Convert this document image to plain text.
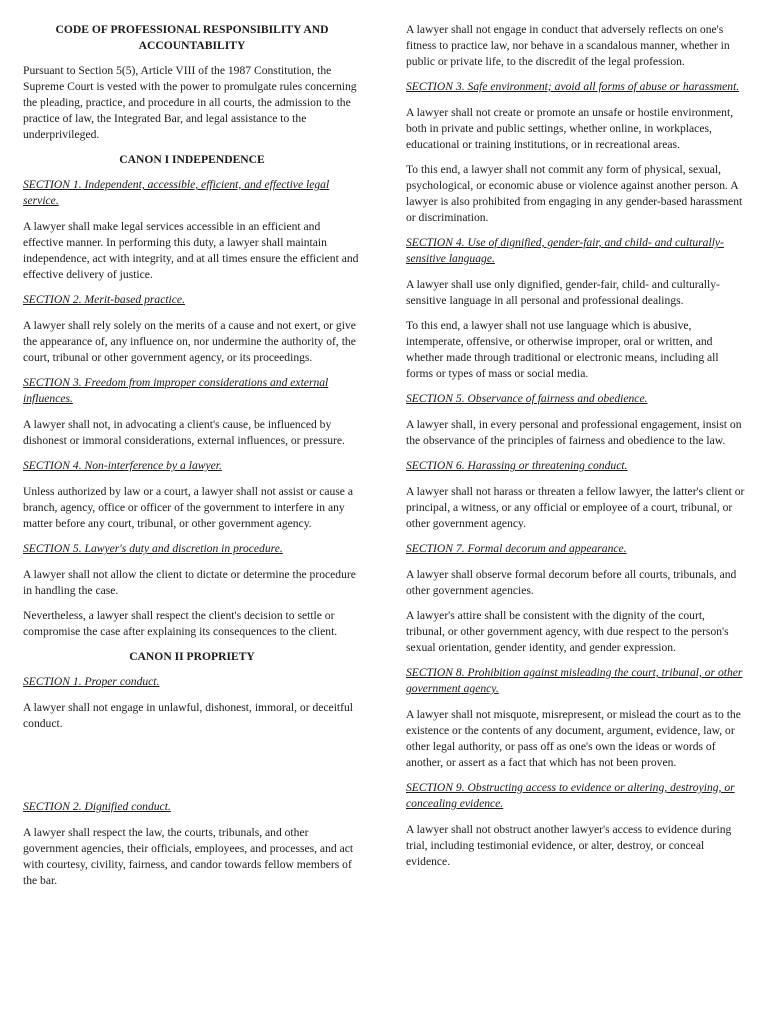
CODE OF PROFESSIONAL RESPONSIBILITY AND
ACCOUNTABILITY

Pursuant to Section 5(5), Article VIII of the 1987 Constitution, the Supreme Court is vested with the power to promulgate rules concerning the pleading, practice, and procedure in all courts, the admission to the practice of law, the Integrated Bar, and legal assistance to the underprivileged.

CANON I INDEPENDENCE

SECTION 1. Independent, accessible, efficient, and effective legal service.

A lawyer shall make legal services accessible in an efficient and effective manner. In performing this duty, a lawyer shall maintain independence, act with integrity, and at all times ensure the efficient and effective delivery of justice.

SECTION 2. Merit-based practice.

A lawyer shall rely solely on the merits of a cause and not exert, or give the appearance of, any influence on, nor undermine the authority of, the court, tribunal or other government agency, or its proceedings.

SECTION 3. Freedom from improper considerations and external influences.

A lawyer shall not, in advocating a client's cause, be influenced by dishonest or immoral considerations, external influences, or pressure.

SECTION 4. Non-interference by a lawyer.

Unless authorized by law or a court, a lawyer shall not assist or cause a branch, agency, office or officer of the government to interfere in any matter before any court, tribunal, or other government agency.

SECTION 5. Lawyer's duty and discretion in procedure.

A lawyer shall not allow the client to dictate or determine the procedure in handling the case.

Nevertheless, a lawyer shall respect the client's decision to settle or compromise the case after explaining its consequences to the client.

CANON II PROPRIETY

SECTION 1. Proper conduct.

A lawyer shall not engage in unlawful, dishonest, immoral, or deceitful conduct.

SECTION 2. Dignified conduct.

A lawyer shall respect the law, the courts, tribunals, and other government agencies, their officials, employees, and processes, and act with courtesy, civility, fairness, and candor towards fellow members of the bar.

A lawyer shall not engage in conduct that adversely reflects on one's fitness to practice law, nor behave in a scandalous manner, whether in public or private life, to the discredit of the legal profession.

SECTION 3. Safe environment; avoid all forms of abuse or harassment.

A lawyer shall not create or promote an unsafe or hostile environment, both in private and public settings, whether online, in workplaces, educational or training institutions, or in recreational areas.

To this end, a lawyer shall not commit any form of physical, sexual, psychological, or economic abuse or violence against another person. A lawyer is also prohibited from engaging in any gender-based harassment or discrimination.

SECTION 4. Use of dignified, gender-fair, and child- and culturally-sensitive language.

A lawyer shall use only dignified, gender-fair, child- and culturally-sensitive language in all personal and professional dealings.

To this end, a lawyer shall not use language which is abusive, intemperate, offensive, or otherwise improper, oral or written, and whether made through traditional or electronic means, including all forms or types of mass or social media.

SECTION 5. Observance of fairness and obedience.

A lawyer shall, in every personal and professional engagement, insist on the observance of the principles of fairness and obedience to the law.

SECTION 6. Harassing or threatening conduct.

A lawyer shall not harass or threaten a fellow lawyer, the latter's client or principal, a witness, or any official or employee of a court, tribunal, or other government agency.

SECTION 7. Formal decorum and appearance.

A lawyer shall observe formal decorum before all courts, tribunals, and other government agencies.

A lawyer's attire shall be consistent with the dignity of the court, tribunal, or other government agency, with due respect to the person's sexual orientation, gender identity, and gender expression.

SECTION 8. Prohibition against misleading the court, tribunal, or other government agency.

A lawyer shall not misquote, misrepresent, or mislead the court as to the existence or the contents of any document, argument, evidence, law, or other legal authority, or pass off as one's own the ideas or words of another, or assert as a fact that which has not been proven.

SECTION 9. Obstructing access to evidence or altering, destroying, or concealing evidence.

A lawyer shall not obstruct another lawyer's access to evidence during trial, including testimonial evidence, or alter, destroy, or conceal evidence.
